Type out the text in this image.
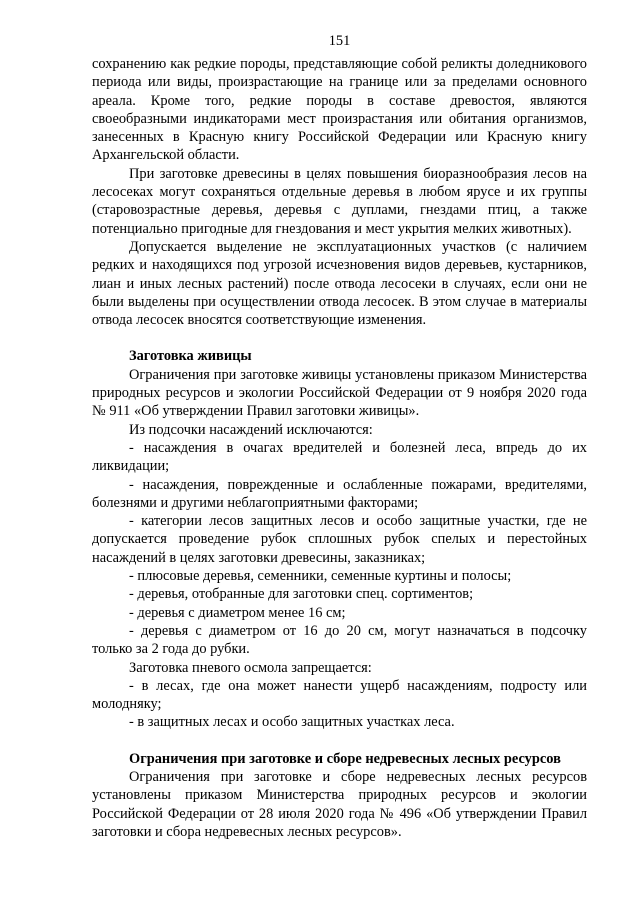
151

сохранению как редкие породы, представляющие собой реликты доледникового периода или виды, произрастающие на границе или за пределами основного ареала. Кроме того, редкие породы в составе древостоя, являются своеобразными индикаторами мест произрастания или обитания организмов, занесенных в Красную книгу Российской Федерации или Красную книгу Архангельской области.

При заготовке древесины в целях повышения биоразнообразия лесов на лесосеках могут сохраняться отдельные деревья в любом ярусе и их группы (старовозрастные деревья, деревья с дуплами, гнездами птиц, а также потенциально пригодные для гнездования и мест укрытия мелких животных).

Допускается выделение не эксплуатационных участков (с наличием редких и находящихся под угрозой исчезновения видов деревьев, кустарников, лиан и иных лесных растений) после отвода лесосеки в случаях, если они не были выделены при осуществлении отвода лесосек. В этом случае в материалы отвода лесосек вносятся соответствующие изменения.

Заготовка живицы

Ограничения при заготовке живицы установлены приказом Министерства природных ресурсов и экологии Российской Федерации от 9 ноября 2020 года № 911 «Об утверждении Правил заготовки живицы».

Из подсочки насаждений исключаются:

- насаждения в очагах вредителей и болезней леса, впредь до их ликвидации;

- насаждения, поврежденные и ослабленные пожарами, вредителями, болезнями и другими неблагоприятными факторами;

- категории лесов защитных лесов и особо защитные участки, где не допускается проведение рубок сплошных рубок спелых и перестойных насаждений в целях заготовки древесины, заказниках;

- плюсовые деревья, семенники, семенные куртины и полосы;

- деревья, отобранные для заготовки спец. сортиментов;

- деревья с диаметром менее 16 см;

- деревья с диаметром от 16 до 20 см, могут назначаться в подсочку только за 2 года до рубки.

Заготовка пневого осмола запрещается:

- в лесах, где она может нанести ущерб насаждениям, подросту или молодняку;

- в защитных лесах и особо защитных участках леса.

Ограничения при заготовке и сборе недревесных лесных ресурсов

Ограничения при заготовке и сборе недревесных лесных ресурсов установлены приказом Министерства природных ресурсов и экологии Российской Федерации от 28 июля 2020 года № 496 «Об утверждении Правил заготовки и сбора недревесных лесных ресурсов».
